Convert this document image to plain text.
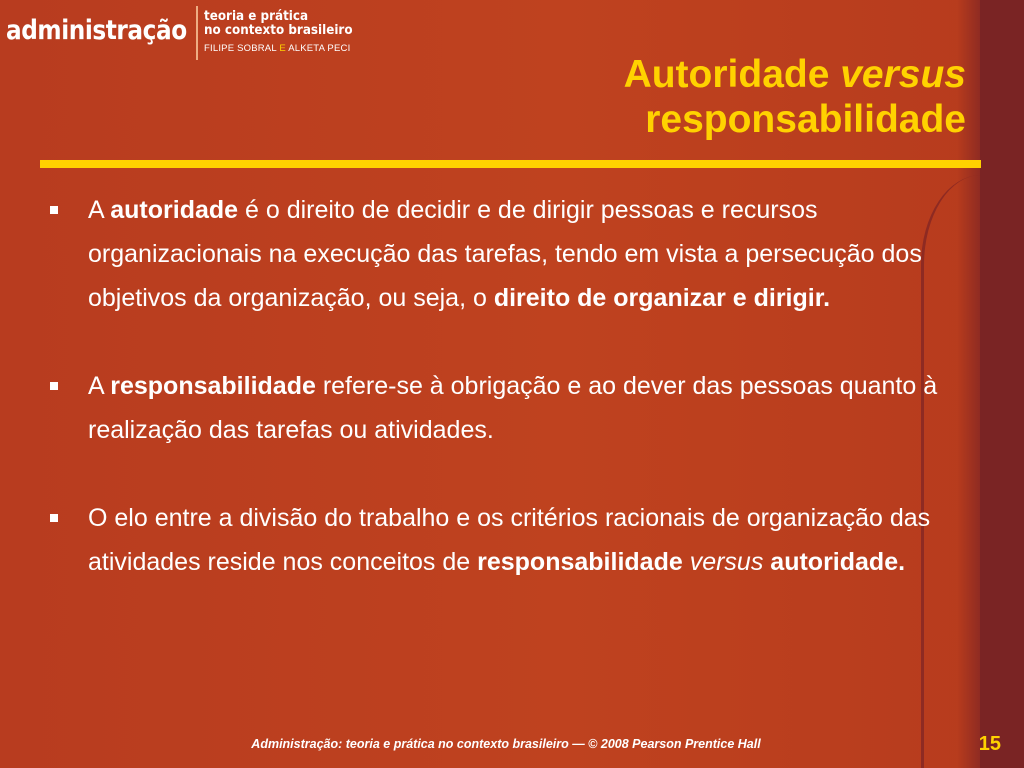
administração teoria e prática
no contexto brasileiro
FILIPE SOBRAL E ALKETA PECI
Autoridade versus
responsabilidade
A autoridade é o direito de decidir e de dirigir pessoas e recursos organizacionais na execução das tarefas, tendo em vista a persecução dos objetivos da organização, ou seja, o direito de organizar e dirigir.
A responsabilidade refere-se à obrigação e ao dever das pessoas quanto à realização das tarefas ou atividades.
O elo entre a divisão do trabalho e os critérios racionais de organização das atividades reside nos conceitos de responsabilidade versus autoridade.
Administração: teoria e prática no contexto brasileiro — © 2008 Pearson Prentice Hall	15
